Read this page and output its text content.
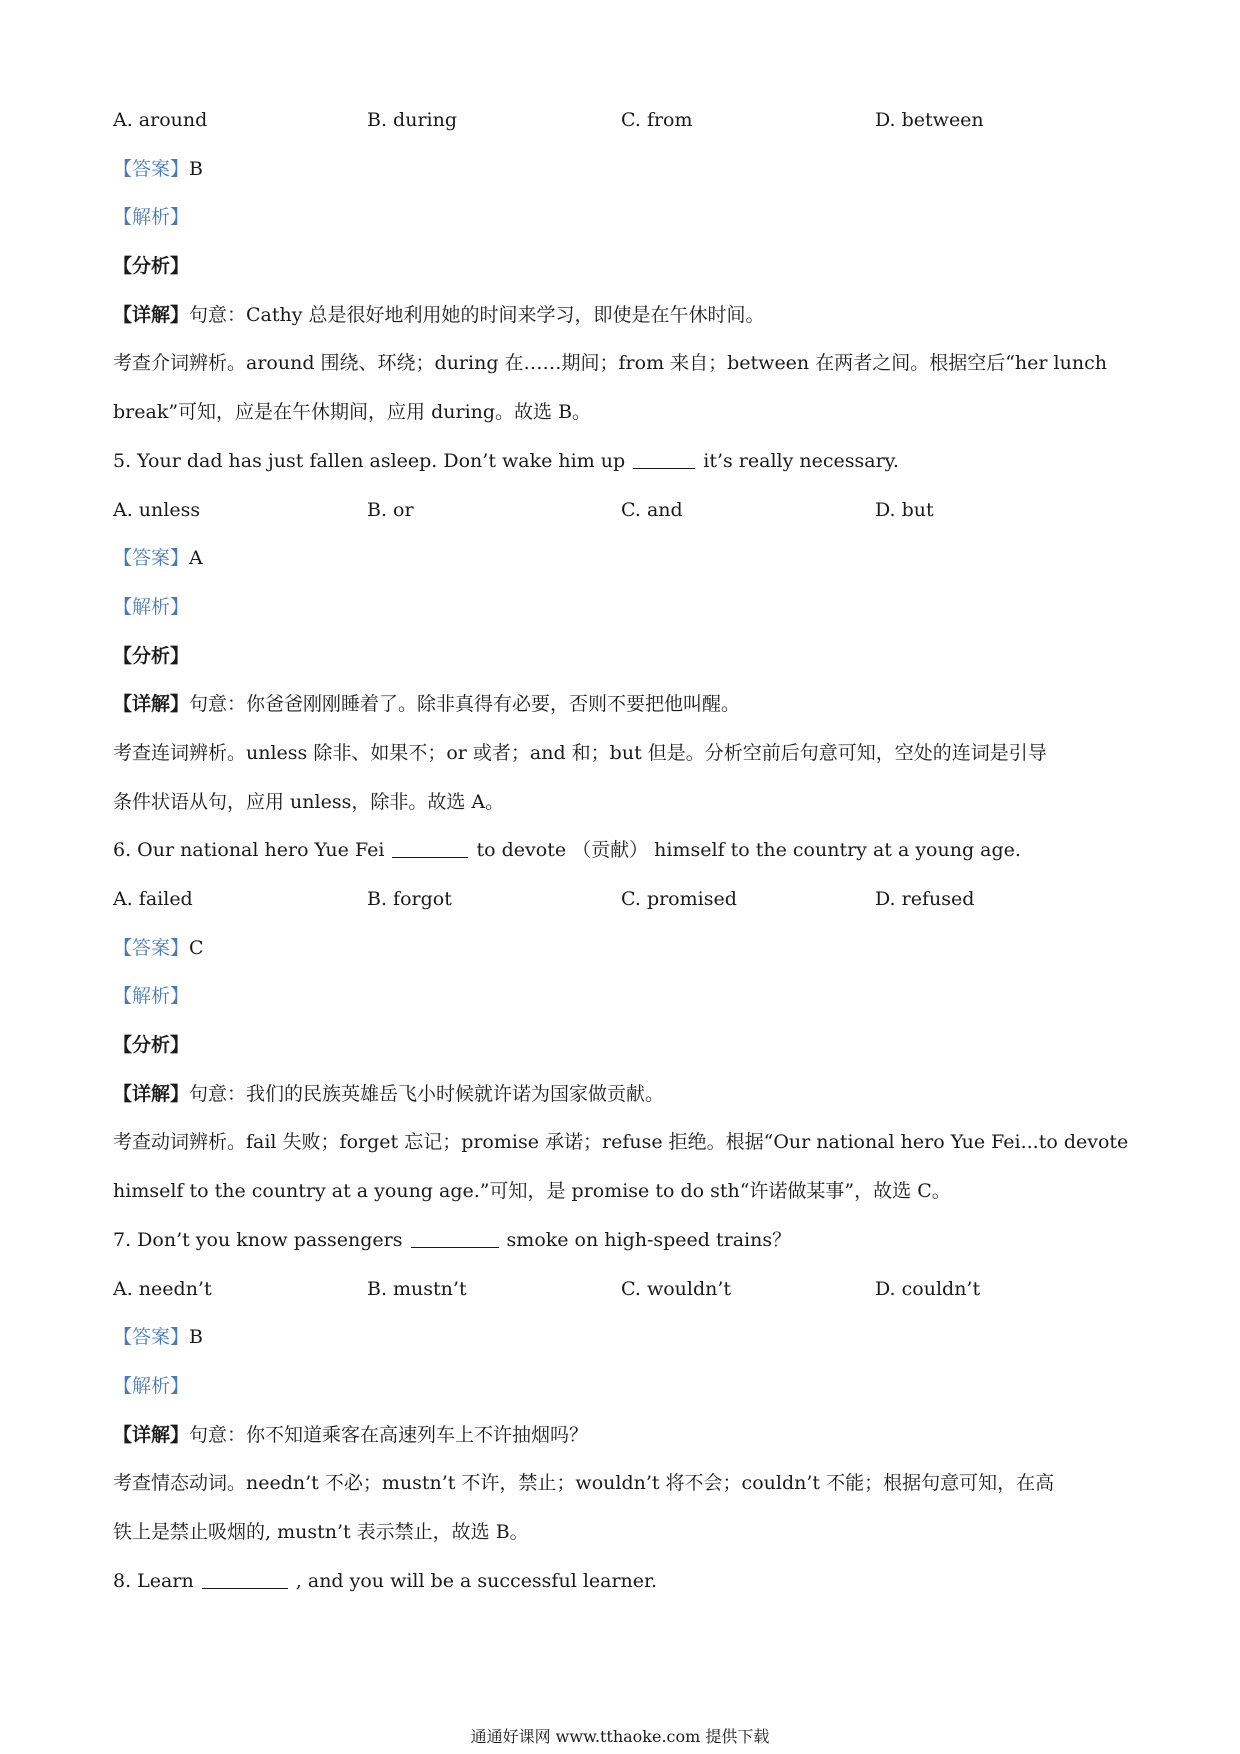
A. around	B. during	C. from	D. between
【答案】B
【解析】
【分析】
【详解】句意：Cathy 总是很好地利用她的时间来学习，即使是在午休时间。
考查介词辨析。around 围绕、环绕；during 在……期间；from 来自；between 在两者之间。根据空后“her lunch
break”可知，应是在午休期间，应用 during。故选 B。
5. Your dad has just fallen asleep. Don’t wake him up	it’s really necessary.
A. unless	B. or	C. and	D. but
【答案】A
【解析】
【分析】
【详解】句意：你爸爸刚刚睡着了。除非真得有必要，否则不要把他叫醒。
考查连词辨析。unless 除非、如果不；or 或者；and 和；but 但是。分析空前后句意可知，空处的连词是引导
条件状语从句，应用 unless，除非。故选 A。
6. Our national hero Yue Fei	to devote （贡献） himself to the country at a young age.
A. failed	B. forgot	C. promised	D. refused
【答案】C
【解析】
【分析】
【详解】句意：我们的民族英雄岳飞小时候就许诺为国家做贡献。
考查动词辨析。fail 失败；forget 忘记；promise 承诺；refuse 拒绝。根据“Our national hero Yue Fei...to devote
himself to the country at a young age.”可知，是 promise to do sth“许诺做某事”，故选 C。
7. Don’t you know passengers	smoke on high-speed trains？
A. needn’t	B. mustn’t	C. wouldn’t	D. couldn’t
【答案】B
【解析】
【详解】句意：你不知道乘客在高速列车上不许抽烟吗？
考查情态动词。needn’t 不必；mustn’t 不许，禁止；wouldn’t 将不会；couldn’t 不能；根据句意可知，在高
铁上是禁止吸烟的, mustn’t 表示禁止，故选 B。
8. Learn	, and you will be a successful learner.
通通好课网 www.tthaoke.com 提供下载
